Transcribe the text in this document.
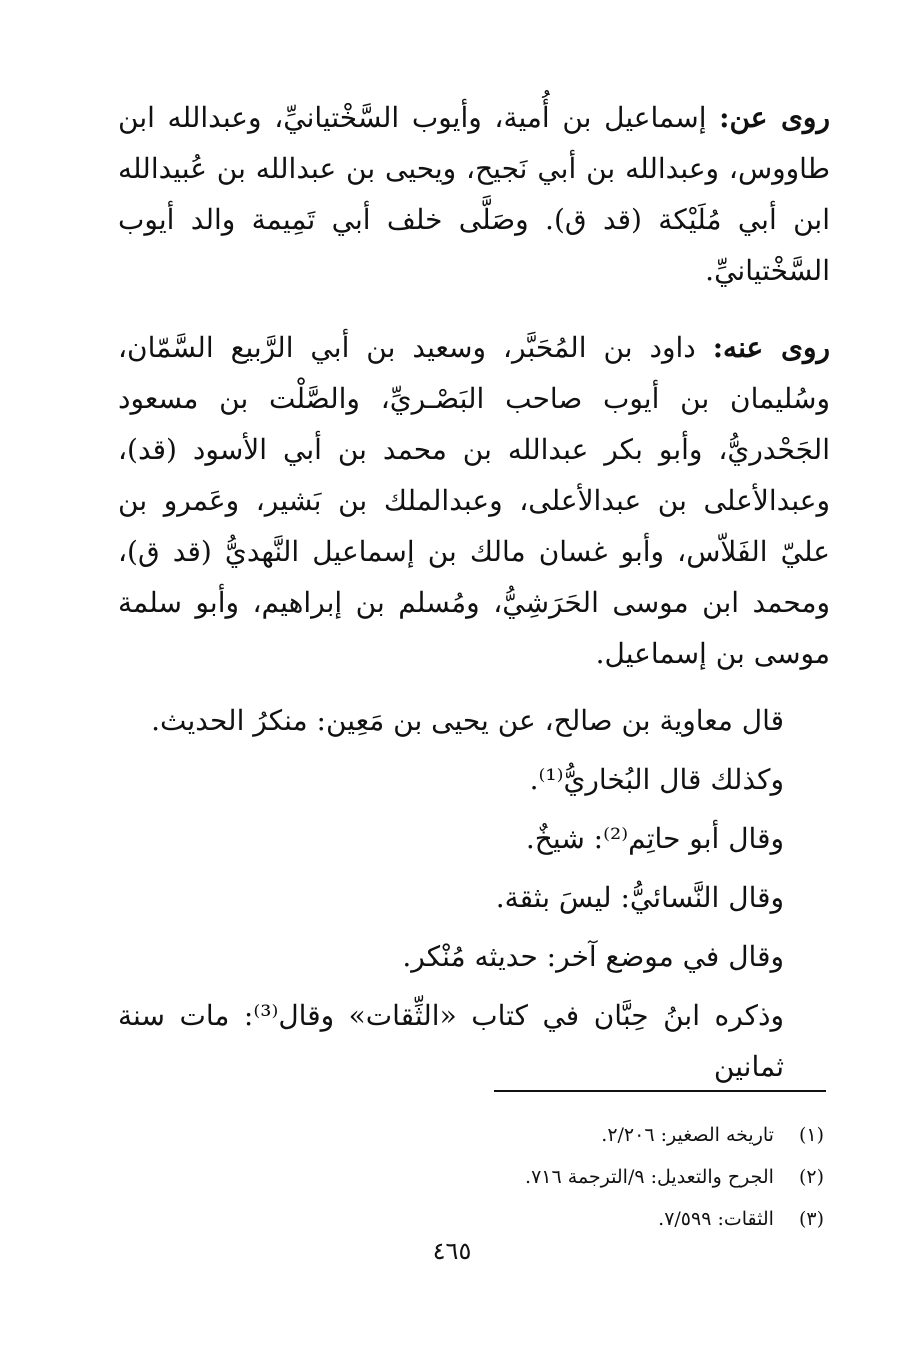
روى عن: إسماعيل بن أُمية، وأيوب السَّخْتيانيِّ، وعبدالله ابن طاووس، وعبدالله بن أبي نَجيح، ويحيى بن عبدالله بن عُبيدالله ابن أبي مُلَيْكة (قد ق). وصَلَّى خلف أبي تَمِيمة والد أيوب السَّخْتيانيِّ.

روى عنه: داود بن المُحَبَّر، وسعيد بن أبي الرَّبيع السَّمّان، وسُليمان بن أيوب صاحب البَصْـريِّ، والصَّلْت بن مسعود الجَحْدريُّ، وأبو بكر عبدالله بن محمد بن أبي الأسود (قد)، وعبدالأعلى بن عبدالأعلى، وعبدالملك بن بَشير، وعَمرو بن عليّ الفَلاّس، وأبو غسان مالك بن إسماعيل النَّهديُّ (قد ق)، ومحمد ابن موسى الحَرَشِيُّ، ومُسلم بن إبراهيم، وأبو سلمة موسى بن إسماعيل.

قال معاوية بن صالح، عن يحيى بن مَعِين: منكرُ الحديث.

وكذلك قال البُخاريُّ⁽¹⁾.

وقال أبو حاتِم⁽²⁾: شيخٌ.

وقال النَّسائيُّ: ليسَ بثقة.

وقال في موضع آخر: حديثه مُنْكر.

وذكره ابنُ حِبَّان في كتاب «الثِّقات» وقال⁽³⁾: مات سنة ثمانين

(١) تاريخه الصغير: ٢/٢٠٦.
(٢) الجرح والتعديل: ٩/الترجمة ٧١٦.
(٣) الثقات: ٧/٥٩٩.
٤٦٥
